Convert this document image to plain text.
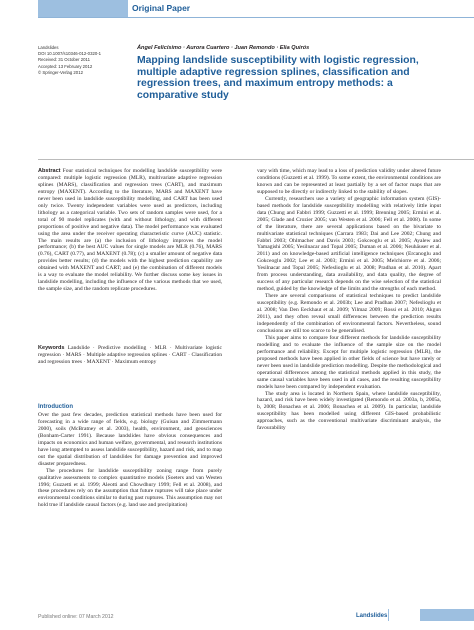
Original Paper
Landslides
DOI 10.1007/s10346-012-0320-1
Received: 31 October 2011
Accepted: 13 February 2012
© Springer-Verlag 2012
Ángel Felicísimo · Aurora Cuartero · Juan Remondo · Elia Quirós
Mapping landslide susceptibility with logistic regression, multiple adaptive regression splines, classification and regression trees, and maximum entropy methods: a comparative study

Abstract Four statistical techniques for modelling landslide susceptibility were compared: multiple logistic regression (MLR), multivariate adaptive regression splines (MARS), classification and regression trees (CART), and maximum entropy (MAXENT). According to the literature, MARS and MAXENT have never been used in landslide susceptibility modelling, and CART has been used only twice. Twenty independent variables were used as predictors, including lithology as a categorical variable. Two sets of random samples were used, for a total of 90 model replicates (with and without lithology, and with different proportions of positive and negative data). The model performance was evaluated using the area under the receiver operating characteristic curve (AUC) statistic. The main results are (a) the inclusion of lithology improves the model performance; (b) the best AUC values for single models are MLR (0.76), MARS (0.76), CART (0.77), and MAXENT (0.78); (c) a smaller amount of negative data provides better results; (d) the models with the highest prediction capability are obtained with MAXENT and CART; and (e) the combination of different models is a way to evaluate the model reliability. We further discuss some key issues in landslide modelling, including the influence of the various methods that we used, the sample size, and the random replicate procedures.

Keywords Landslide · Predictive modelling · MLR · Multivariate logistic regression · MARS · Multiple adaptive regression splines · CART · Classification and regression trees · MAXENT · Maximum entropy

Introduction

Over the past few decades, prediction statistical methods have been used for forecasting in a wide range of fields, e.g. biology (Guisan and Zimmermann 2000), soils (McBratney et al. 2003), health, environment, and geosciences (Bonham-Carter 1991). Because landslides have obvious consequences and impacts on economics and human welfare, governmental, and research institutions have long attempted to assess landslide susceptibility, hazard and risk, and to map out the spatial distribution of landslides for damage prevention and improved disaster preparedness.

The procedures for landslide susceptibility zoning range from purely qualitative assessments to complex quantitative models (Soeters and van Westen 1996; Guzzetti et al. 1999; Aleotti and Chowdhury 1999; Fell et al. 2008), and these procedures rely on the assumption that future ruptures will take place under environmental conditions similar to during past ruptures. This assumption may not hold true if landslide causal factors (e.g. land use and precipitation)

vary with time, which may lead to a loss of prediction validity under altered future conditions (Guzzetti et al. 1999). To some extent, the environmental conditions are known and can be represented at least partially by a set of factor maps that are supposed to be directly or indirectly linked to the stability of slopes.

Currently, researchers use a variety of geographic information system (GIS)-based methods for landslide susceptibility modelling with relatively little input data (Chung and Fabbri 1999; Guzzetti et al. 1999; Brenning 2005; Ermini et al. 2005; Glade and Crozier 2005; van Westen et al. 2006; Fell et al. 2008). In some of the literature, there are several applications based on the bivariate to multivariate statistical techniques (Carrara 1983; Dai and Lee 2002; Chung and Fabbri 2003; Ohlmacher and Davis 2003; Gokceoglu et al. 2005; Ayalew and Yamagishi 2005; Yesilnacar and Topal 2005; Duman et al. 2006; Neuhäuser et al. 2011) and on knowledge-based artificial intelligence techniques (Ercanoglu and Gokceoglu 2002; Lee et al. 2003; Ermini et al. 2005; Melchiorre et al. 2006; Yesilnacar and Topal 2005; Nefeslioglu et al. 2008; Pradhan et al. 2010). Apart from process understanding, data availability, and data quality, the degree of success of any particular research depends on the wise selection of the statistical method, guided by the knowledge of the limits and the strengths of each method.

There are several comparisons of statistical techniques to predict landslide susceptibility (e.g. Remondo et al. 2003b; Lee and Pradhan 2007; Nefeslioglu et al. 2008; Van Den Eeckhaut et al. 2009; Yilmaz 2009; Rossi et al. 2010; Akgun 2011), and they often reveal small differences between the prediction results independently of the combination of environmental factors. Nevertheless, sound conclusions are still too scarce to be generalised.

This paper aims to compare four different methods for landslide susceptibility modelling and to evaluate the influence of the sample size on the model performance and reliability. Except for multiple logistic regression (MLR), the proposed methods have been applied in other fields of science but have rarely or never been used in landslide prediction modelling. Despite the methodological and operational differences among the statistical methods applied in this study, the same causal variables have been used in all cases, and the resulting susceptibility models have been compared by independent evaluation.

The study area is located in Northern Spain, where landslide susceptibility, hazard, and risk have been widely investigated (Remondo et al. 2003a, b, 2005a, b, 2008; Bonachea et al. 2006; Bonachea et al. 2009). In particular, landslide susceptibility has been modelled using different GIS-based probabilistic approaches, such as the conventional multivariate discriminant analysis, the favourability

Published online: 07 March 2012	Landslides
